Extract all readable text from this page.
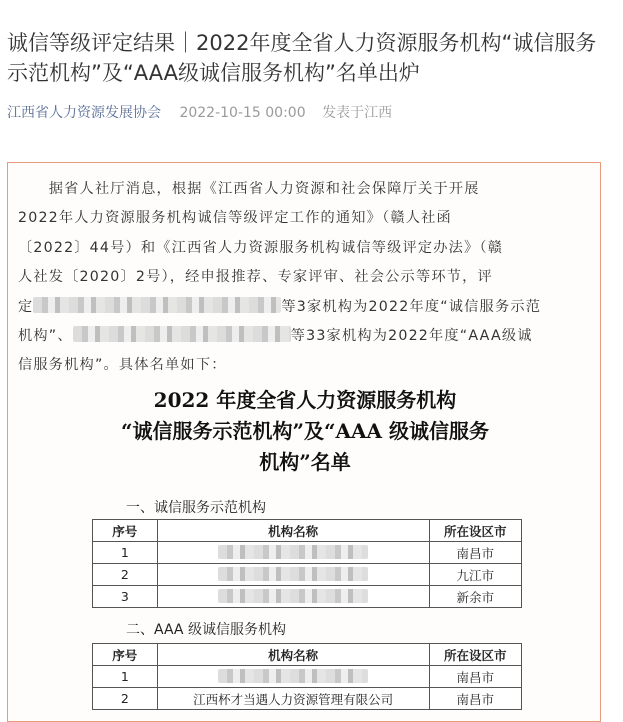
诚信等级评定结果｜2022年度全省人力资源服务机构“诚信服务示范机构”及“AAA级诚信服务机构”名单出炉
江西省人力资源发展协会 2022-10-15 00:00 发表于江西

　　据省人社厅消息，根据《江西省人力资源和社会保障厅关于开展
2022年人力资源服务机构诚信等级评定工作的通知》（赣人社函
〔2022〕44号）和《江西省人力资源服务机构诚信等级评定办法》（赣
人社发〔2020〕2号），经申报推荐、专家评审、社会公示等环节，评
定	等3家机构为2022年度“诚信服务示范
机构”、	等33家机构为2022年度“AAA级诚
信服务机构”。具体名单如下：

2022 年度全省人力资源服务机构
“诚信服务示范机构”及“AAA 级诚信服务
机构”名单
一、诚信服务示范机构
序号	机构名称	所在设区市
1		南昌市
2		九江市
3		新余市
二、AAA 级诚信服务机构
序号	机构名称	所在设区市
1		南昌市
2	江西杯才当遇人力资源管理有限公司	南昌市
